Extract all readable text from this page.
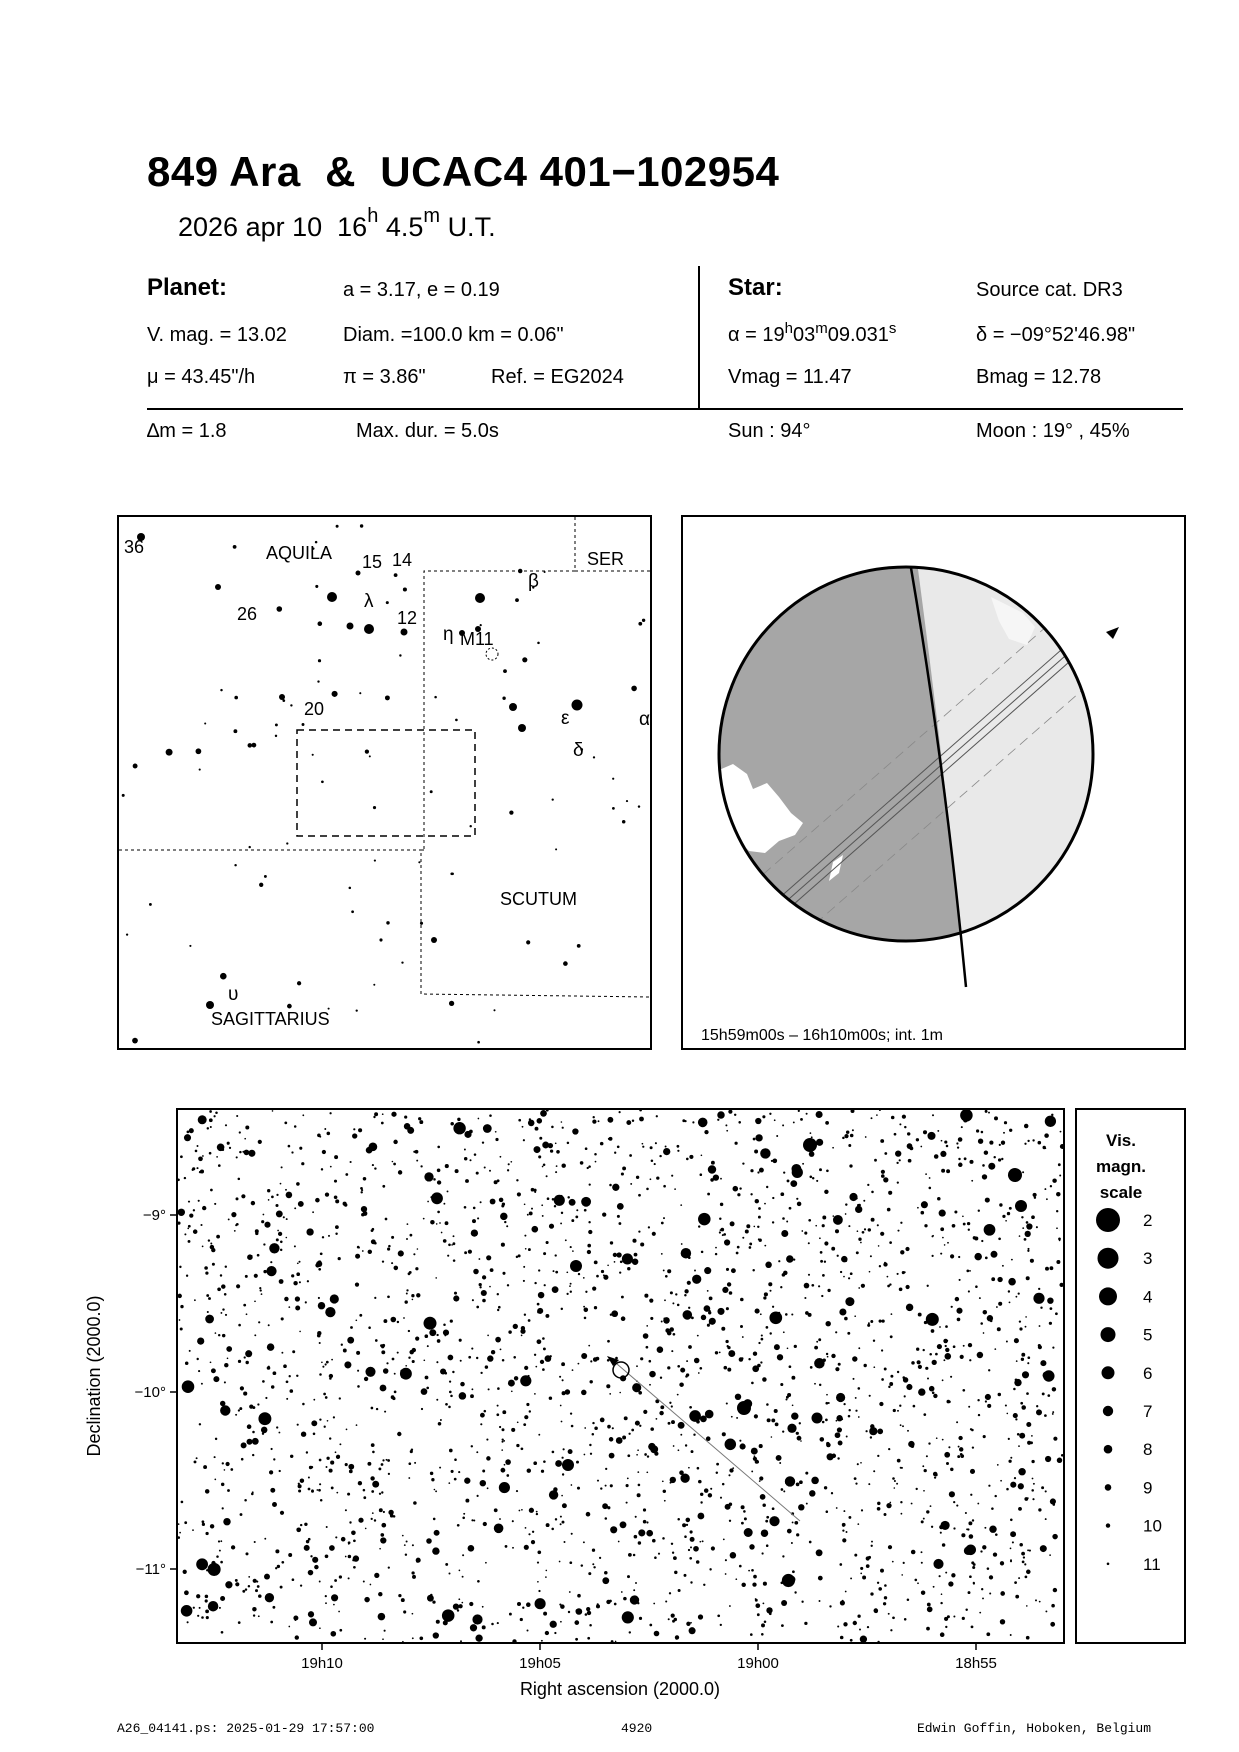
849 Ara & UCAC4 401−102954
2026 apr 10 16$^h$ 4.5$^m$ U.T.
Planet:	a = 3.17, e = 0.19
V. mag. = 13.02	Diam. =100.0 km = 0.06"
μ = 43.45"/h	π = 3.86"	Ref. = EG2024
Star:	Source cat. DR3
$\alpha = 19^h03^m09.031^s$	δ = −09°52'46.98"
Vmag = 11.47	Bmag = 12.78
∆m = 1.8	Max. dur. = 5.0s	Sun : 94°	Moon : 19° , 45%
AQUILA	SER
SCUTUM
SAGITTARIUS
36
15 14
26	12
20
M11
λ
η
β
ε	α
δ
υ
15h59m00s – 16h10m00s; int. 1m
−9°
−10°
−11°
19h10	19h05	19h00	18h55
Right ascension (2000.0)
Declination (2000.0)
Vis.
magn.
scale
2
3
4
5
6
7
8
9
10
11
A26_04141.ps: 2025-01-29 17:57:00	4920	Edwin Goffin, Hoboken, Belgium
